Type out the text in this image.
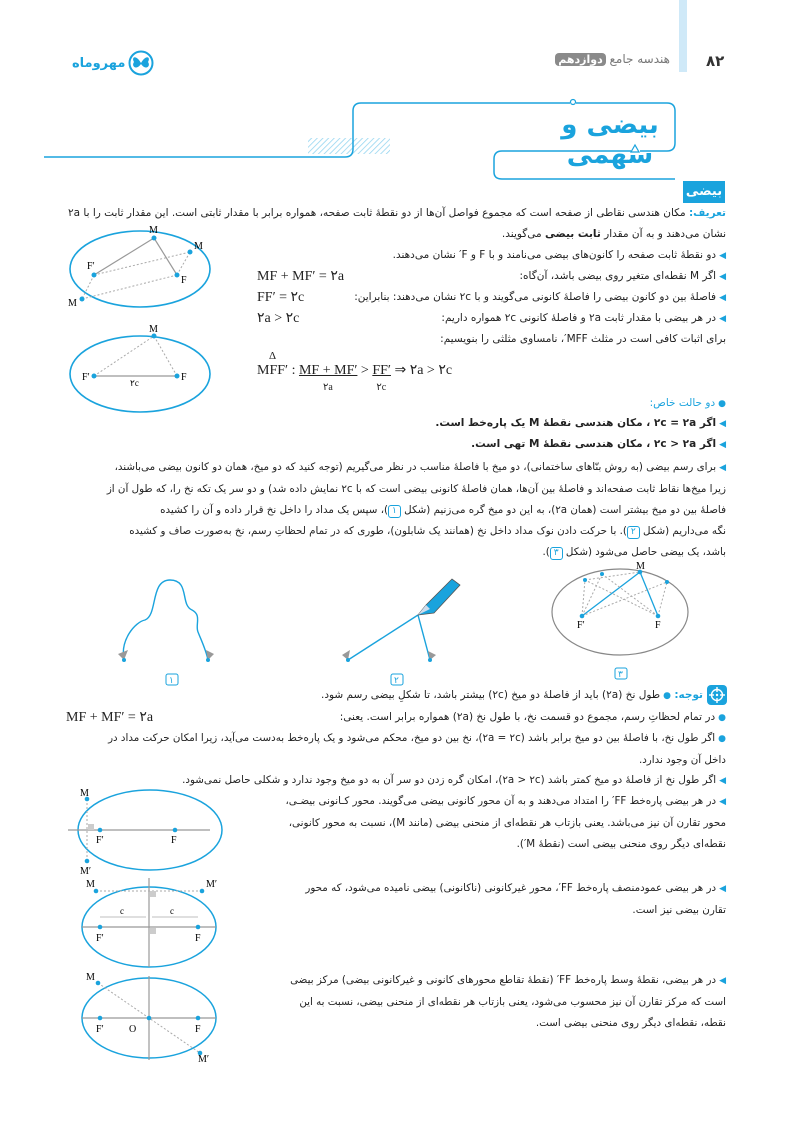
۸۲
هندسه جامع دوازدهم
مهروماه
بیضی و سهمی
بیضی
تعریف: مکان هندسی نقاطی از صفحه است که مجموع فواصل آن‌ها از دو نقطهٔ ثابت صفحه، همواره برابر با مقدار ثابتی است. این مقدار ثابت را با ۲a
نشان می‌دهند و به آن مقدار ثابت بیضی می‌گویند.
◀دو نقطهٔ ثابت صفحه را کانون‌های بیضی می‌نامند و با F و F′ نشان می‌دهند.
◀اگر M نقطه‌ای متغیر روی بیضی باشد، آن‌گاه:
MF + MF′ = ۲a
◀فاصلهٔ بین دو کانون بیضی را فاصلهٔ کانونی می‌گویند و با ۲c نشان می‌دهند: بنابراین:
FF′ = ۲c
◀در هر بیضی با مقدار ثابت ۲a و فاصلهٔ کانونی ۲c همواره داریم:
۲a > ۲c
برای اثبات کافی است در مثلث MFF′، نامساوی مثلثی را بنویسیم:
Δ
MFF′ : MF + MF′
۲a
> FF′
۲c
⇒ ۲a > ۲c
M
M
M
F′
F
M
F′	F
۲c
●دو حالت خاص:
◀اگر ۲c = ۲a ، مکان هندسی نقطهٔ M یک پاره‌خط است.
◀اگر ۲c > ۲a ، مکان هندسی نقطهٔ M تهی است.
◀برای رسم بیضی (به روش بنّاهای ساختمانی)، دو میخ با فاصلهٔ مناسب در نظر می‌گیریم (توجه کنید که دو میخ، همان دو کانون بیضی می‌باشند،
زیرا میخ‌ها نقاط ثابت صفحه‌اند و فاصلهٔ بین آن‌ها، همان فاصلهٔ کانونی بیضی است که با ۲c نمایش داده شد) و دو سر یک تکه نخ را، که طول آن از
فاصلهٔ بین دو میخ بیشتر است (همان ۲a)، به این دو میخ گره می‌زنیم (شکل ۱)، سپس یک مداد را داخل نخ قرار داده و آن را کشیده
نگه می‌داریم (شکل ۲). با حرکت دادن نوک مداد داخل نخ (همانند یک شابلون)، طوری که در تمام لحظاتِ رسم، نخ به‌صورت صاف و کشیده
باشد، یک بیضی حاصل می‌شود (شکل ۳).
۱	۲
M
F′	F
۳
توجه: ●طول نخ (۲a) باید از فاصلهٔ دو میخ (۲c) بیشتر باشد، تا شکلِ بیضی رسم شود.
●در تمام لحظاتِ رسم، مجموع دو قسمت نخ، با طول نخ (۲a) همواره برابر است. یعنی:
MF + MF′ = ۲a
●اگر طول نخ، با فاصلهٔ بین دو میخ برابر باشد (۲a = ۲c)، نخ بین دو میخ، محکم می‌شود و یک پاره‌خط به‌دست می‌آید، زیرا امکان حرکت مداد در
داخل آن وجود ندارد.
◀اگر طول نخ از فاصلهٔ دو میخ کمتر باشد (۲a > ۲c)، امکان گره زدن دو سر آن به دو میخ وجود ندارد و شکلی حاصل نمی‌شود.
◀در هر بیضی پاره‌خط FF′ را امتداد می‌دهند و به آن محور کانونی بیضی می‌گویند. محور کـانونی بیضـی،
محور تقارن آن نیز می‌باشد. یعنی بازتاب هر نقطه‌ای از منحنی بیضی (مانند M)، نسبت به محور کانونی،
نقطه‌ای دیگر روی منحنی بیضی است (نقطهٔ M′).
M
M′
F′	F
◀در هر بیضی عمودمنصف پاره‌خط FF′، محور غیرکانونی (ناکانونی) بیضی نامیده می‌شود، که محور
تقارن بیضی نیز است.
M	M′
c	c
F′	F
◀در هر بیضی، نقطهٔ وسط پاره‌خط FF′ (نقطهٔ تقاطع محورهای کانونی و غیرکانونی بیضی) مرکز بیضی
است که مرکز تقارن آن نیز محسوب می‌شود، یعنی بازتاب هر نقطه‌ای از منحنی بیضی، نسبت به این
نقطه، نقطه‌ای دیگر روی منحنی بیضی است.
M
M′
F′	O	F
